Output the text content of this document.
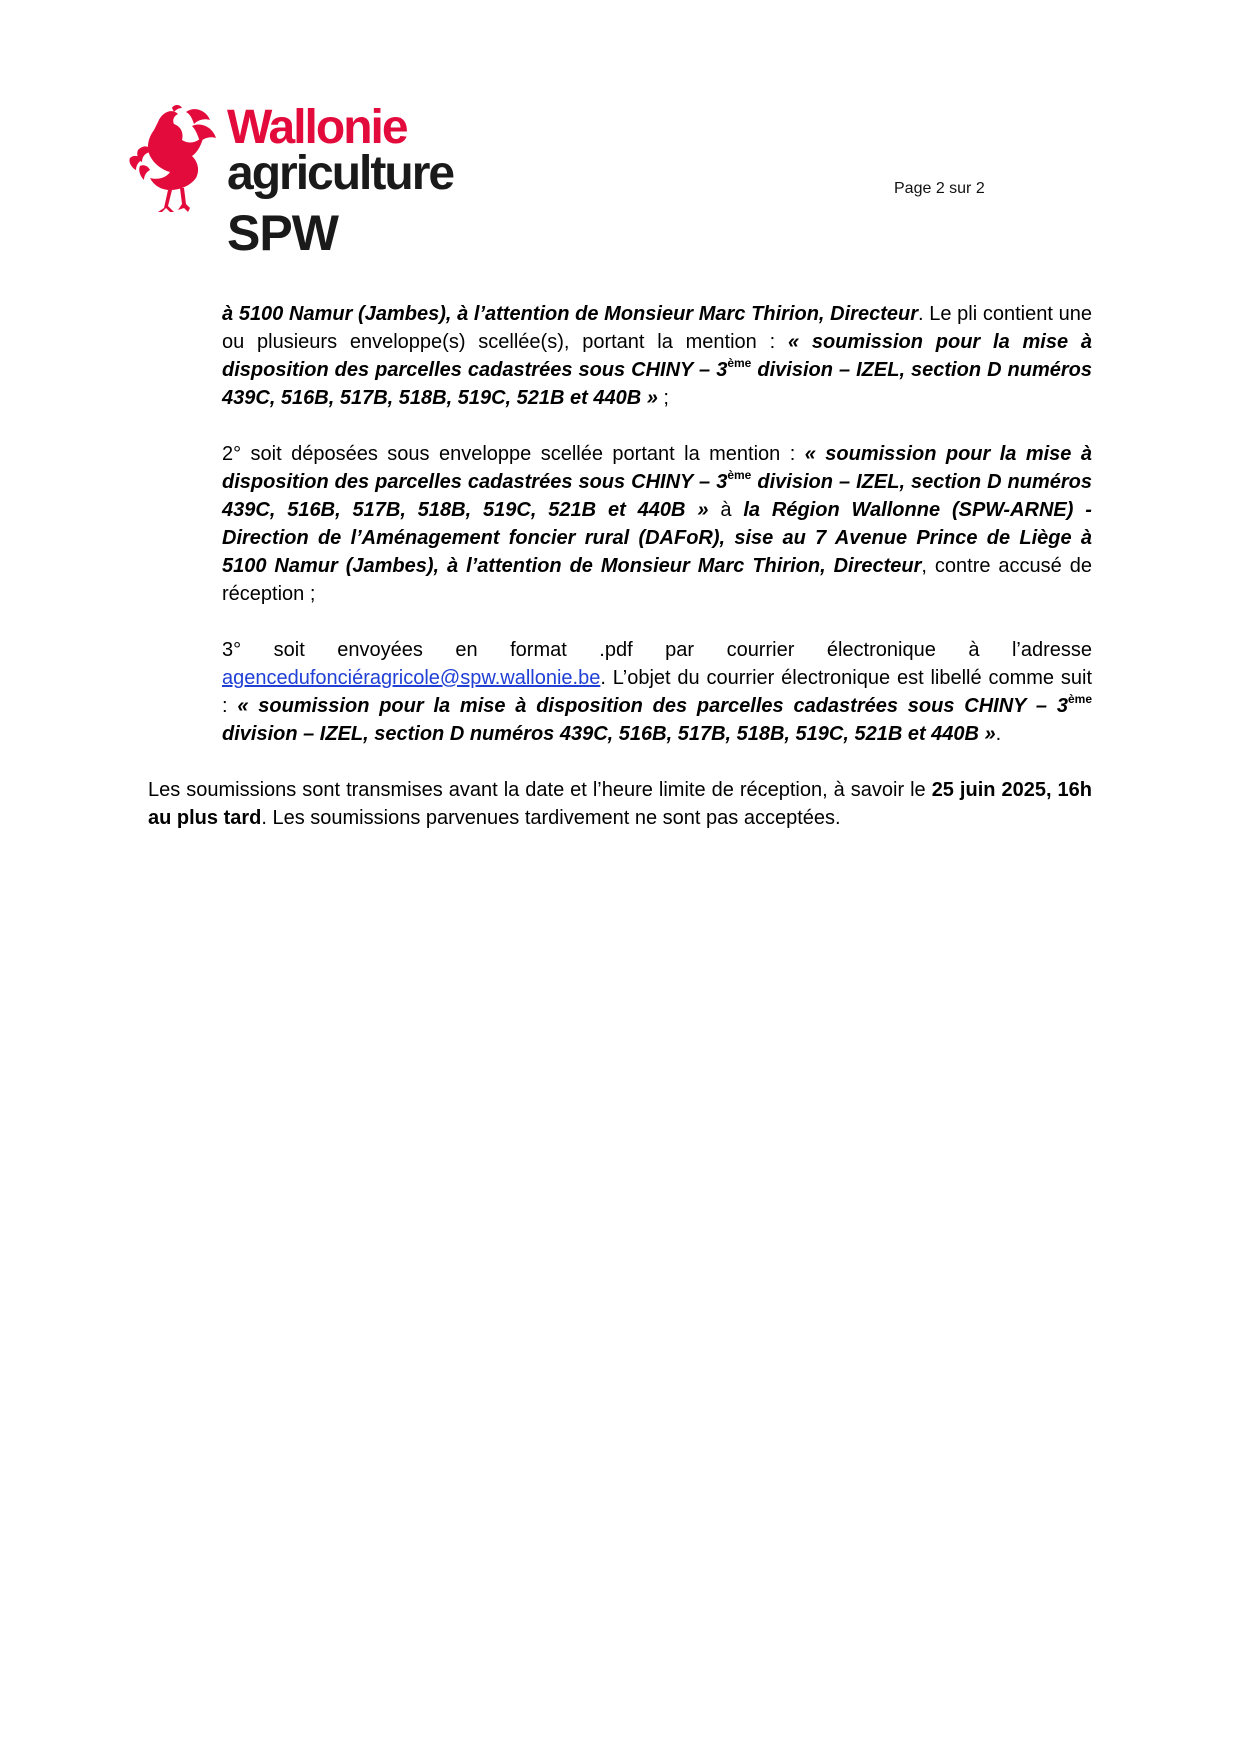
Wallonie
agriculture
SPW
Page 2 sur 2

à 5100 Namur (Jambes), à l’attention de Monsieur Marc Thirion, Directeur. Le pli contient une ou plusieurs enveloppe(s) scellée(s), portant la mention : « soumission pour la mise à disposition des parcelles cadastrées sous CHINY – 3ème division – IZEL, section D numéros 439C, 516B, 517B, 518B, 519C, 521B et 440B » ;

2° soit déposées sous enveloppe scellée portant la mention : « soumission pour la mise à disposition des parcelles cadastrées sous CHINY – 3ème division – IZEL, section D numéros 439C, 516B, 517B, 518B, 519C, 521B et 440B » à la Région Wallonne (SPW-ARNE) - Direction de l’Aménagement foncier rural (DAFoR), sise au 7 Avenue Prince de Liège à 5100 Namur (Jambes), à l’attention de Monsieur Marc Thirion, Directeur, contre accusé de réception ;

3° soit envoyées en format .pdf par courrier électronique à l’adresse

agencedufonciéragricole@spw.wallonie.be. L’objet du courrier électronique est libellé comme suit : « soumission pour la mise à disposition des parcelles cadastrées sous CHINY – 3ème division – IZEL, section D numéros 439C, 516B, 517B, 518B, 519C, 521B et 440B ».

Les soumissions sont transmises avant la date et l’heure limite de réception, à savoir le 25 juin 2025, 16h au plus tard. Les soumissions parvenues tardivement ne sont pas acceptées.
